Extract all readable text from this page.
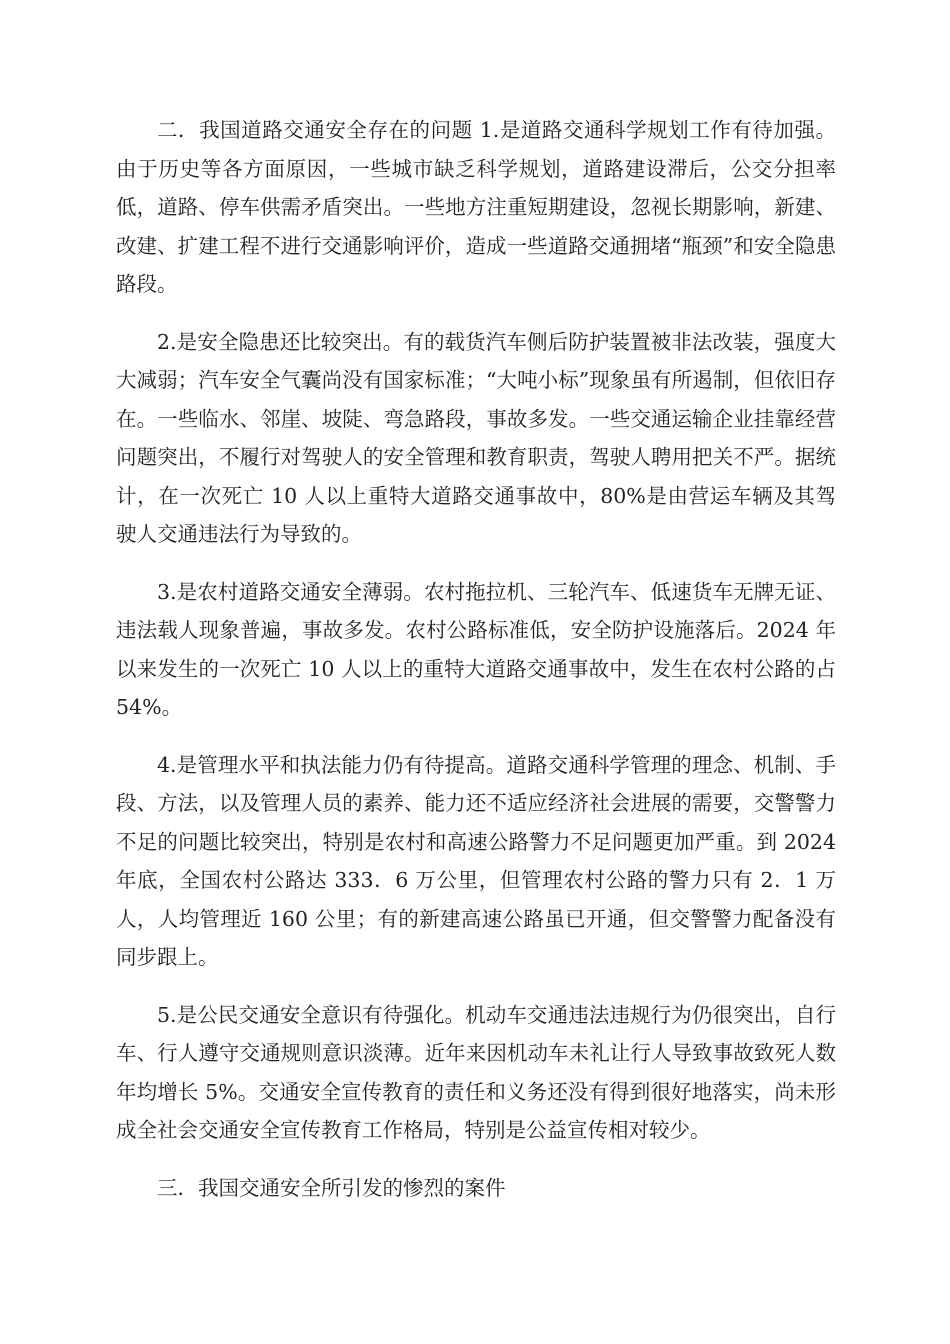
二．我国道路交通安全存在的问题 1.是道路交通科学规划工作有待加强。由于历史等各方面原因，一些城市缺乏科学规划，道路建设滞后，公交分担率低，道路、停车供需矛盾突出。一些地方注重短期建设，忽视长期影响，新建、改建、扩建工程不进行交通影响评价，造成一些道路交通拥堵“瓶颈”和安全隐患路段。

2.是安全隐患还比较突出。有的载货汽车侧后防护装置被非法改装，强度大大减弱；汽车安全气囊尚没有国家标准；“大吨小标”现象虽有所遏制，但依旧存在。一些临水、邻崖、坡陡、弯急路段，事故多发。一些交通运输企业挂靠经营问题突出，不履行对驾驶人的安全管理和教育职责，驾驶人聘用把关不严。据统计，在一次死亡 10 人以上重特大道路交通事故中，80%是由营运车辆及其驾驶人交通违法行为导致的。

3.是农村道路交通安全薄弱。农村拖拉机、三轮汽车、低速货车无牌无证、违法载人现象普遍，事故多发。农村公路标准低，安全防护设施落后。2024 年以来发生的一次死亡 10 人以上的重特大道路交通事故中，发生在农村公路的占 54%。

4.是管理水平和执法能力仍有待提高。道路交通科学管理的理念、机制、手段、方法，以及管理人员的素养、能力还不适应经济社会进展的需要，交警警力不足的问题比较突出，特别是农村和高速公路警力不足问题更加严重。到 2024 年底，全国农村公路达 333．6 万公里，但管理农村公路的警力只有 2．1 万人，人均管理近 160 公里；有的新建高速公路虽已开通，但交警警力配备没有同步跟上。

5.是公民交通安全意识有待强化。机动车交通违法违规行为仍很突出，自行车、行人遵守交通规则意识淡薄。近年来因机动车未礼让行人导致事故致死人数年均增长 5%。交通安全宣传教育的责任和义务还没有得到很好地落实，尚未形成全社会交通安全宣传教育工作格局，特别是公益宣传相对较少。

三．我国交通安全所引发的惨烈的案件
